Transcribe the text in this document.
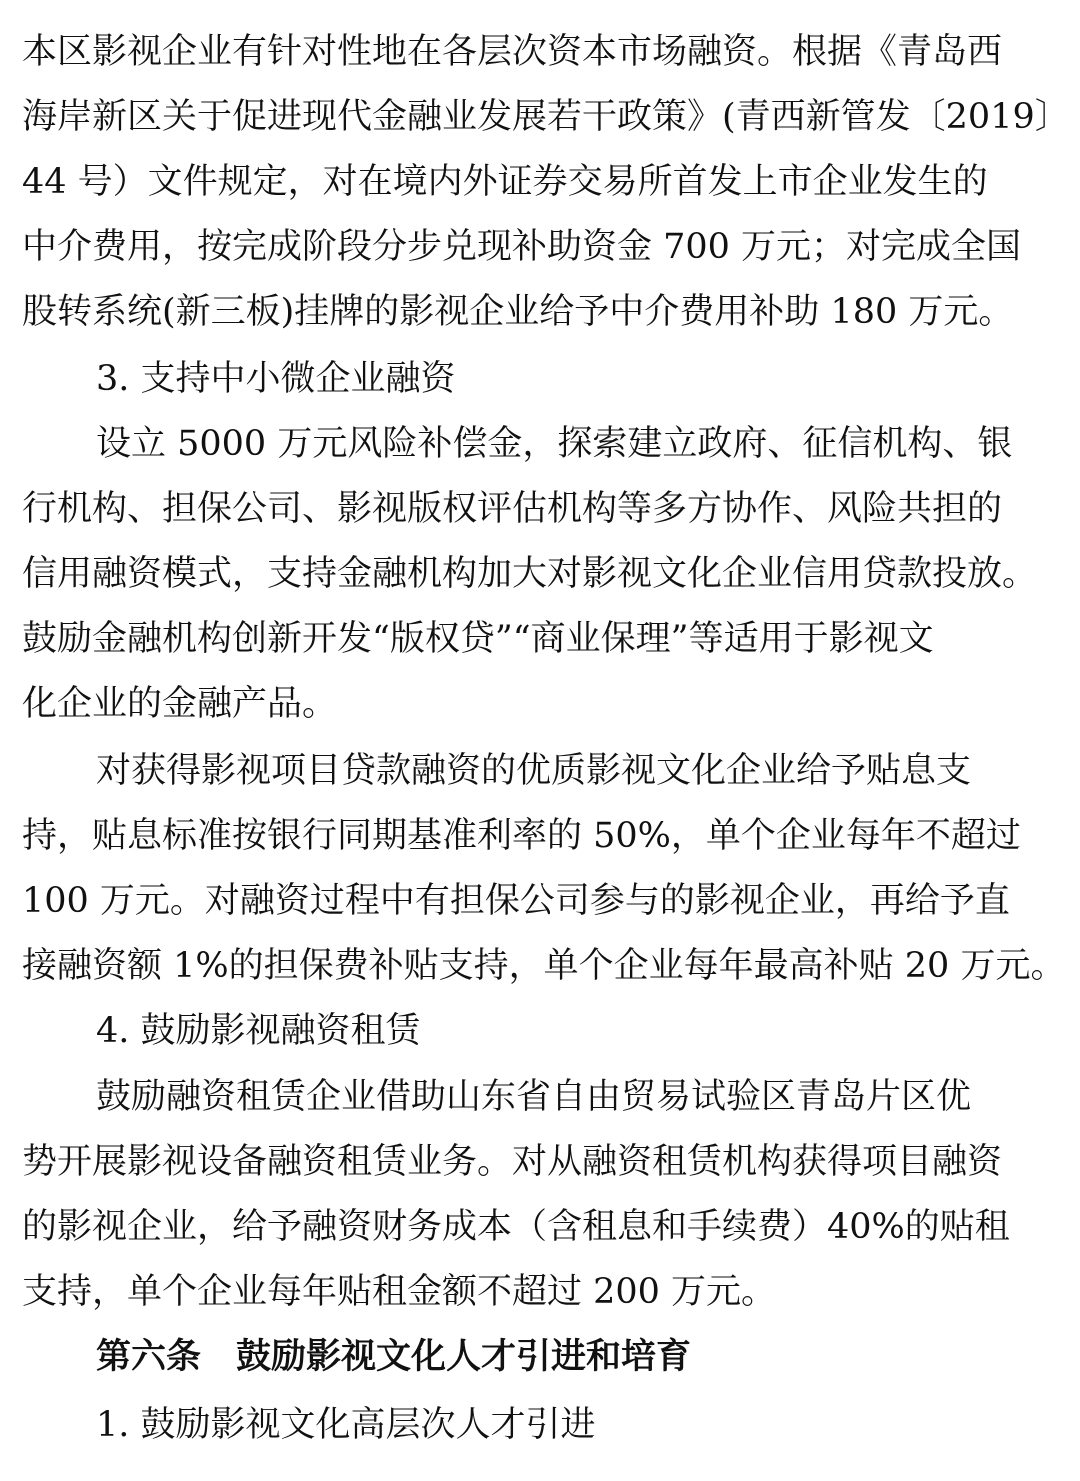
本区影视企业有针对性地在各层次资本市场融资。根据《青岛西
海岸新区关于促进现代金融业发展若干政策》(青西新管发〔2019〕
44 号）文件规定，对在境内外证券交易所首发上市企业发生的
中介费用，按完成阶段分步兑现补助资金 700 万元；对完成全国
股转系统(新三板)挂牌的影视企业给予中介费用补助 180 万元。
3. 支持中小微企业融资
设立 5000 万元风险补偿金，探索建立政府、征信机构、银
行机构、担保公司、影视版权评估机构等多方协作、风险共担的
信用融资模式，支持金融机构加大对影视文化企业信用贷款投放。
鼓励金融机构创新开发“版权贷”“商业保理”等适用于影视文
化企业的金融产品。
对获得影视项目贷款融资的优质影视文化企业给予贴息支
持，贴息标准按银行同期基准利率的 50%，单个企业每年不超过
100 万元。对融资过程中有担保公司参与的影视企业，再给予直
接融资额 1%的担保费补贴支持，单个企业每年最高补贴 20 万元。
4. 鼓励影视融资租赁
鼓励融资租赁企业借助山东省自由贸易试验区青岛片区优
势开展影视设备融资租赁业务。对从融资租赁机构获得项目融资
的影视企业，给予融资财务成本（含租息和手续费）40%的贴租
支持，单个企业每年贴租金额不超过 200 万元。
第六条　鼓励影视文化人才引进和培育
1. 鼓励影视文化高层次人才引进
